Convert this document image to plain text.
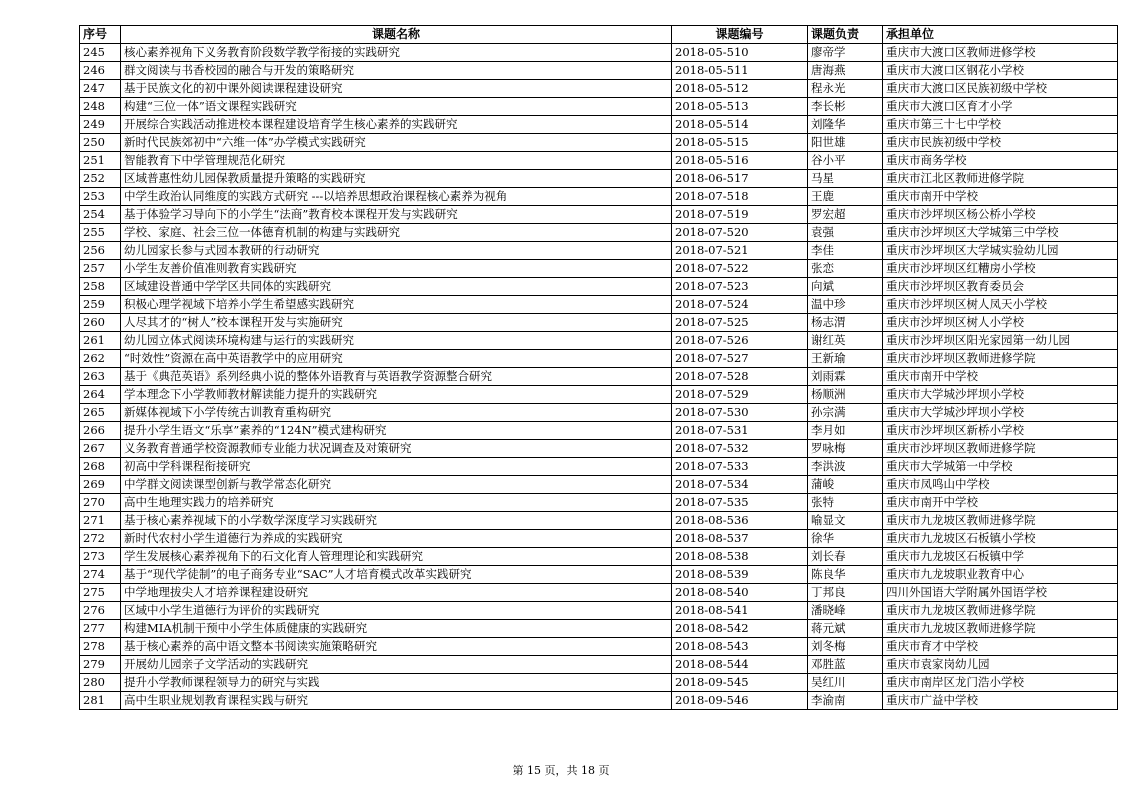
序号	课题名称	课题编号	课题负责	承担单位
245	核心素养视角下义务教育阶段数学教学衔接的实践研究	2018-05-510	廖帝学	重庆市大渡口区教师进修学校
246	群文阅读与书香校园的融合与开发的策略研究	2018-05-511	唐海燕	重庆市大渡口区钢花小学校
247	基于民族文化的初中课外阅读课程建设研究	2018-05-512	程永光	重庆市大渡口区民族初级中学校
248	构建“三位一体”语文课程实践研究	2018-05-513	李长彬	重庆市大渡口区育才小学
249	开展综合实践活动推进校本课程建设培育学生核心素养的实践研究	2018-05-514	刘隆华	重庆市第三十七中学校
250	新时代民族郊初中“六维一体”办学模式实践研究	2018-05-515	阳世雄	重庆市民族初级中学校
251	智能教育下中学管理规范化研究	2018-05-516	谷小平	重庆市商务学校
252	区域普惠性幼儿园保教质量提升策略的实践研究	2018-06-517	马星	重庆市江北区教师进修学院
253	中学生政治认同维度的实践方式研究 ---以培养思想政治课程核心素养为视角	2018-07-518	王鹿	重庆市南开中学校
254	基于体验学习导向下的小学生“法商”教育校本课程开发与实践研究	2018-07-519	罗宏超	重庆市沙坪坝区杨公桥小学校
255	学校、家庭、社会三位一体德育机制的构建与实践研究	2018-07-520	袁强	重庆市沙坪坝区大学城第三中学校
256	幼儿园家长参与式园本教研的行动研究	2018-07-521	李佳	重庆市沙坪坝区大学城实验幼儿园
257	小学生友善价值准则教育实践研究	2018-07-522	张恋	重庆市沙坪坝区红糟房小学校
258	区域建设普通中学学区共同体的实践研究	2018-07-523	向斌	重庆市沙坪坝区教育委员会
259	积极心理学视域下培养小学生希望感实践研究	2018-07-524	温中珍	重庆市沙坪坝区树人凤天小学校
260	人尽其才的“树人”校本课程开发与实施研究	2018-07-525	杨志渭	重庆市沙坪坝区树人小学校
261	幼儿园立体式阅读环境构建与运行的实践研究	2018-07-526	谢红英	重庆市沙坪坝区阳光家园第一幼儿园
262	“时效性”资源在高中英语教学中的应用研究	2018-07-527	王新瑜	重庆市沙坪坝区教师进修学院
263	基于《典范英语》系列经典小说的整体外语教育与英语教学资源整合研究	2018-07-528	刘雨霖	重庆市南开中学校
264	学本理念下小学教师教材解读能力提升的实践研究	2018-07-529	杨顺洲	重庆市大学城沙坪坝小学校
265	新媒体视域下小学传统古训教育重构研究	2018-07-530	孙宗满	重庆市大学城沙坪坝小学校
266	提升小学生语文“乐享”素养的“124N”模式建构研究	2018-07-531	李月如	重庆市沙坪坝区新桥小学校
267	义务教育普通学校资源教师专业能力状况调查及对策研究	2018-07-532	罗咏梅	重庆市沙坪坝区教师进修学院
268	初高中学科课程衔接研究	2018-07-533	李洪波	重庆市大学城第一中学校
269	中学群文阅读课型创新与教学常态化研究	2018-07-534	蒲峻	重庆市凤鸣山中学校
270	高中生地理实践力的培养研究	2018-07-535	张特	重庆市南开中学校
271	基于核心素养视域下的小学数学深度学习实践研究	2018-08-536	喻显文	重庆市九龙坡区教师进修学院
272	新时代农村小学生道德行为养成的实践研究	2018-08-537	徐华	重庆市九龙坡区石板镇小学校
273	学生发展核心素养视角下的石文化育人管理理论和实践研究	2018-08-538	刘长春	重庆市九龙坡区石板镇中学
274	基于“现代学徒制”的电子商务专业“SAC”人才培育模式改革实践研究	2018-08-539	陈良华	重庆市九龙坡职业教育中心
275	中学地理拔尖人才培养课程建设研究	2018-08-540	丁邦良	四川外国语大学附属外国语学校
276	区域中小学生道德行为评价的实践研究	2018-08-541	潘晓峰	重庆市九龙坡区教师进修学院
277	构建MIA机制干预中小学生体质健康的实践研究	2018-08-542	蒋元斌	重庆市九龙坡区教师进修学院
278	基于核心素养的高中语文整本书阅读实施策略研究	2018-08-543	刘冬梅	重庆市育才中学校
279	开展幼儿园亲子文学活动的实践研究	2018-08-544	邓胜蓝	重庆市袁家岗幼儿园
280	提升小学教师课程领导力的研究与实践	2018-09-545	吴红川	重庆市南岸区龙门浩小学校
281	高中生职业规划教育课程实践与研究	2018-09-546	李渝南	重庆市广益中学校
第 15 页，共 18 页
